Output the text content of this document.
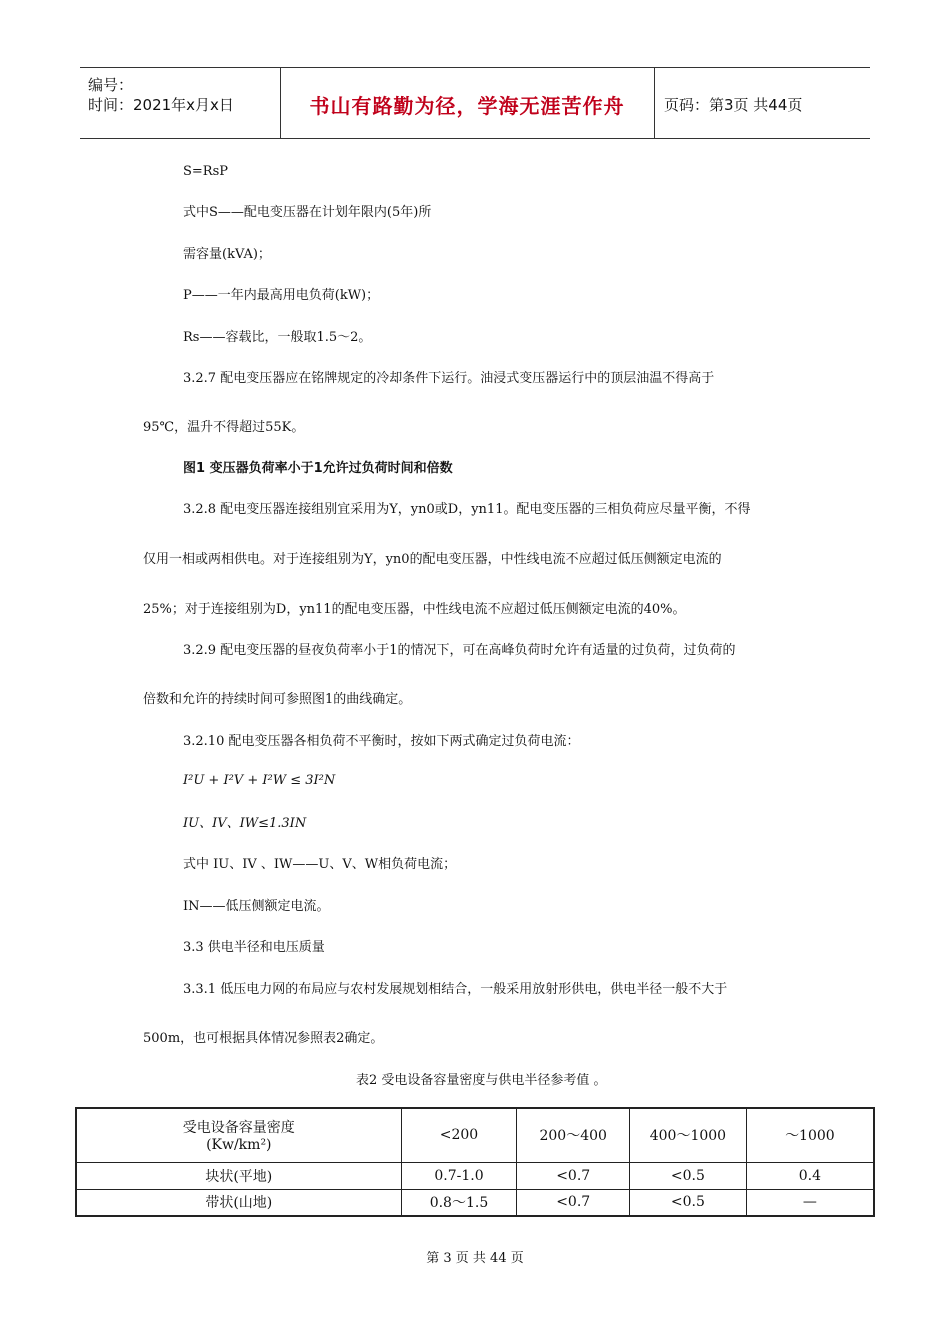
编号：
时间：2021年x月x日	书山有路勤为径，学海无涯苦作舟	页码：第3页 共44页
S=RsP
式中S——配电变压器在计划年限内(5年)所
需容量(kVA)；
P——一年内最高用电负荷(kW)；
Rs——容载比，一般取1.5～2。
3.2.7 配电变压器应在铭牌规定的冷却条件下运行。油浸式变压器运行中的顶层油温不得高于
95℃，温升不得超过55K。
图1 变压器负荷率小于1允许过负荷时间和倍数
3.2.8 配电变压器连接组别宜采用为Y，yn0或D，yn11。配电变压器的三相负荷应尽量平衡，不得
仅用一相或两相供电。对于连接组别为Y，yn0的配电变压器，中性线电流不应超过低压侧额定电流的
25%；对于连接组别为D，yn11的配电变压器，中性线电流不应超过低压侧额定电流的40%。
3.2.9 配电变压器的昼夜负荷率小于1的情况下，可在高峰负荷时允许有适量的过负荷，过负荷的
倍数和允许的持续时间可参照图1的曲线确定。
3.2.10 配电变压器各相负荷不平衡时，按如下两式确定过负荷电流：
I²U + I²V + I²W ≤ 3I²N
IU、IV、IW≤1.3IN
式中 IU、IV 、IW——U、V、W相负荷电流；
IN——低压侧额定电流。
3.3 供电半径和电压质量
3.3.1 低压电力网的布局应与农村发展规划相结合，一般采用放射形供电，供电半径一般不大于
500m，也可根据具体情况参照表2确定。
表2 受电设备容量密度与供电半径参考值 。
受电设备容量密度
(Kw/km²)	<200	200～400	400～1000	～1000
块状(平地)	0.7-1.0	<0.7	<0.5	0.4
带状(山地)	0.8～1.5	<0.7	<0.5	—
第 3 页 共 44 页
